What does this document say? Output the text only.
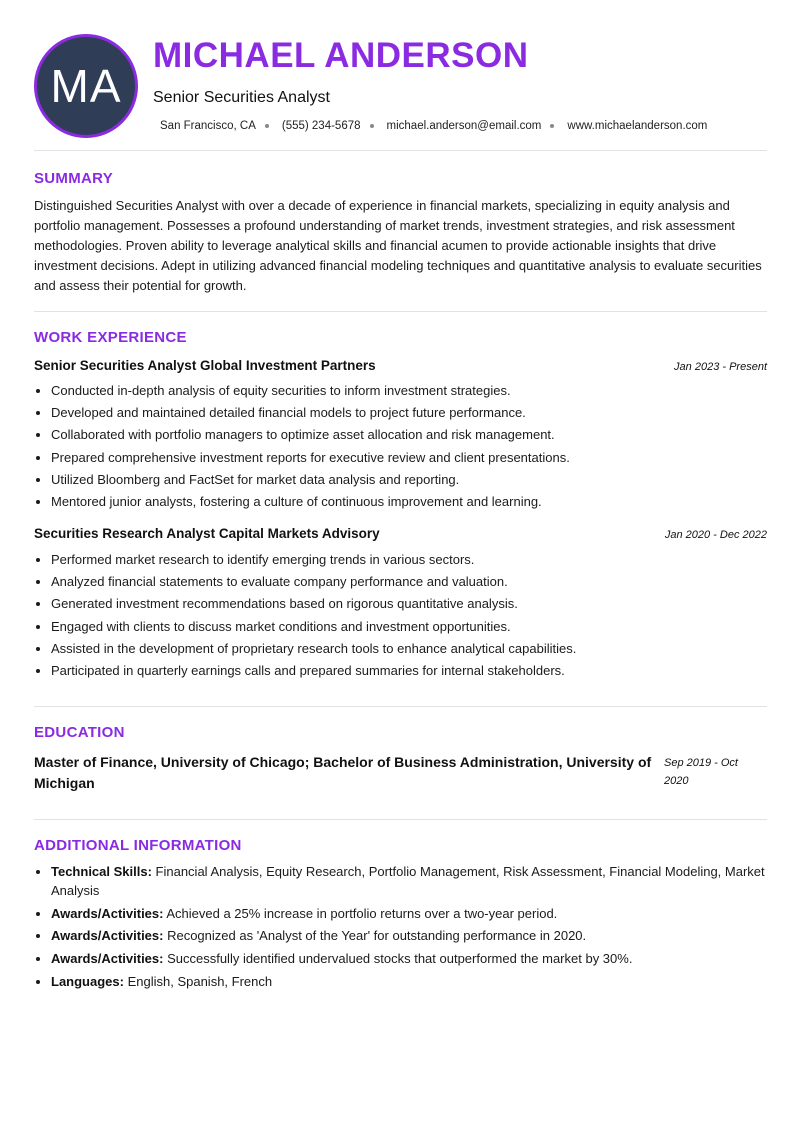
MA
MICHAEL ANDERSON
Senior Securities Analyst
San Francisco, CA (555) 234-5678 michael.anderson@email.com www.michaelanderson.com
SUMMARY

Distinguished Securities Analyst with over a decade of experience in financial markets, specializing in equity analysis and portfolio management. Possesses a profound understanding of market trends, investment strategies, and risk assessment methodologies. Proven ability to leverage analytical skills and financial acumen to provide actionable insights that drive investment decisions. Adept in utilizing advanced financial modeling techniques and quantitative analysis to evaluate securities and assess their potential for growth.

WORK EXPERIENCE
Senior Securities Analyst Global Investment Partners	Jan 2023 - Present
• Conducted in-depth analysis of equity securities to inform investment strategies.
• Developed and maintained detailed financial models to project future performance.
• Collaborated with portfolio managers to optimize asset allocation and risk management.
• Prepared comprehensive investment reports for executive review and client presentations.
• Utilized Bloomberg and FactSet for market data analysis and reporting.
• Mentored junior analysts, fostering a culture of continuous improvement and learning.
Securities Research Analyst Capital Markets Advisory	Jan 2020 - Dec 2022
• Performed market research to identify emerging trends in various sectors.
• Analyzed financial statements to evaluate company performance and valuation.
• Generated investment recommendations based on rigorous quantitative analysis.
• Engaged with clients to discuss market conditions and investment opportunities.
• Assisted in the development of proprietary research tools to enhance analytical capabilities.
• Participated in quarterly earnings calls and prepared summaries for internal stakeholders.
EDUCATION

Master of Finance, University of Chicago; Bachelor of Business Administration, University of Michigan

Sep 2019 - Oct 2020
ADDITIONAL INFORMATION
• Technical Skills: Financial Analysis, Equity Research, Portfolio Management, Risk Assessment, Financial Modeling, Market Analysis
• Awards/Activities: Achieved a 25% increase in portfolio returns over a two-year period.
• Awards/Activities: Recognized as 'Analyst of the Year' for outstanding performance in 2020.
• Awards/Activities: Successfully identified undervalued stocks that outperformed the market by 30%.
• Languages: English, Spanish, French
